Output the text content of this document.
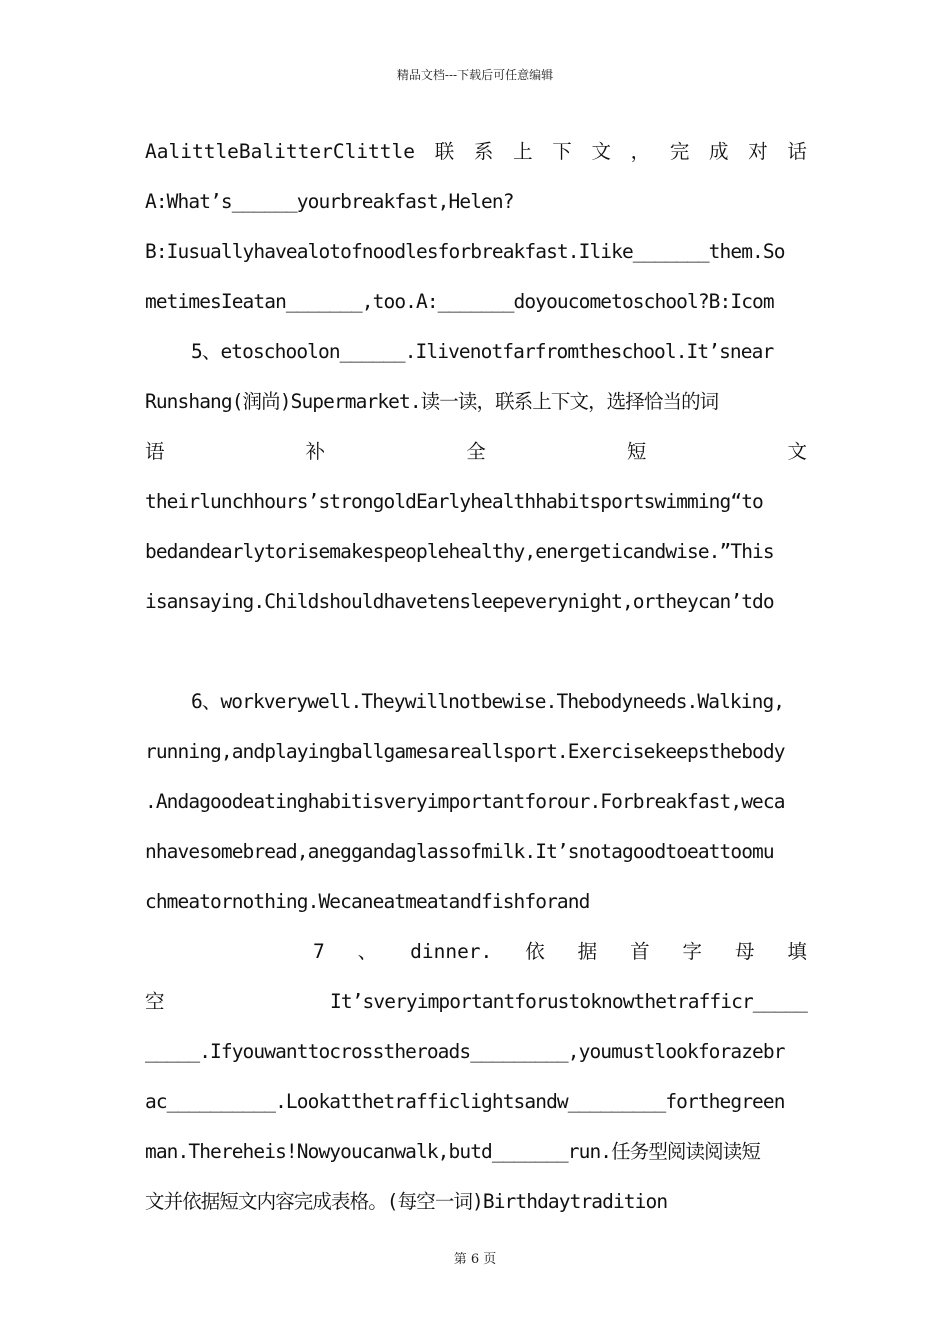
精品文档---下载后可任意编辑
AalittleBalitterClittle 联 系 上 下 文 ， 完 成 对 话
A:What’s______yourbreakfast,Helen?
B:Iusuallyhavealotofnoodlesforbreakfast.Ilike_______them.So
metimesIeatan_______,too.A:_______doyoucometoschool?B:Icom
5、etoschoolon______.Ilivenotfarfromtheschool.It’snear
Runshang(润尚)Supermarket.读一读，联系上下文，选择恰当的词
语	补	全	短	文
theirlunchhours’strongoldEarlyhealthhabitsportswimming“to
bedandearlytorisemakespeoplehealthy,energeticandwise.”This
isansaying.Childshouldhavetensleepeverynight,ortheycan’tdo
6、workverywell.Theywillnotbewise.Thebodyneeds.Walking,
running,andplayingballgamesareallsport.Exercisekeepsthebody
.Andagoodeatinghabitisveryimportantforour.Forbreakfast,weca
nhavesomebread,aneggandaglassofmilk.It’snotagoodtoeattoomu
chmeatornothing.Wecaneatmeatandfishforand
7 、 dinner. 依 据 首 字 母 填
空	It’sveryimportantforustoknowthetrafficr_____
_____.Ifyouwanttocrosstheroads_________,youmustlookforazebr
ac__________.Lookatthetrafficlightsandw_________forthegreen
man.Thereheis!Nowyoucanwalk,butd_______run.任务型阅读阅读短
文并依据短文内容完成表格。(每空一词)Birthdaytradition
第 6 页
